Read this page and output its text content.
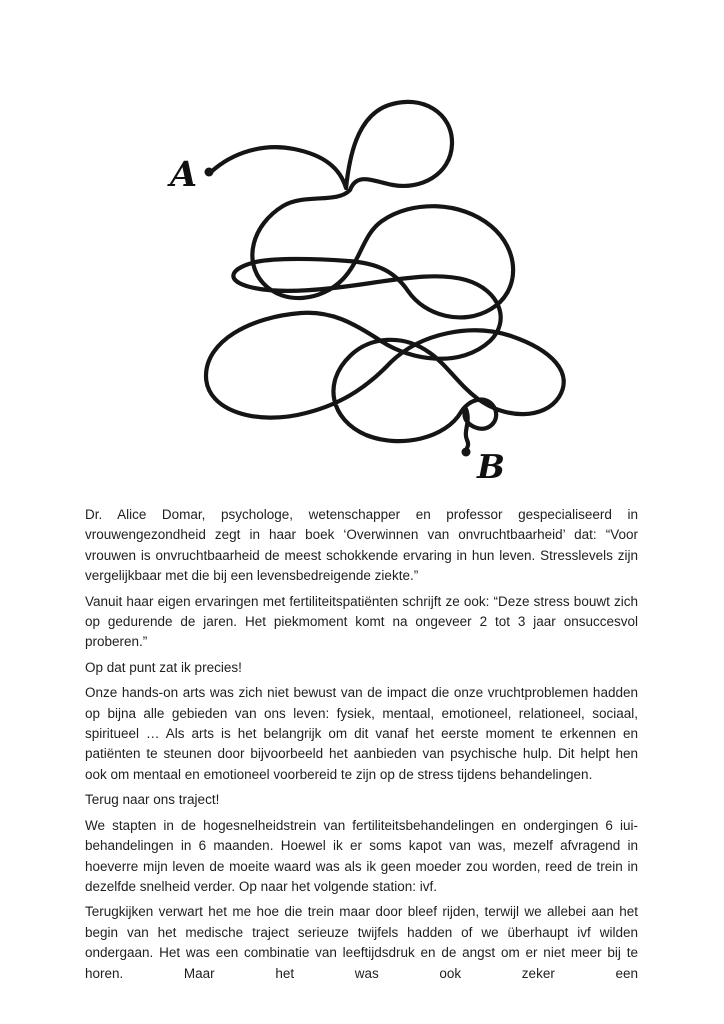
A
B

Dr. Alice Domar, psychologe, wetenschapper en professor gespecialiseerd in vrouwengezondheid zegt in haar boek ‘Overwinnen van onvruchtbaarheid’ dat: “Voor vrouwen is onvruchtbaarheid de meest schokkende ervaring in hun leven. Stresslevels zijn vergelijkbaar met die bij een levensbedreigende ziekte.”

Vanuit haar eigen ervaringen met fertiliteitspatiënten schrijft ze ook: “Deze stress bouwt zich op gedurende de jaren. Het piekmoment komt na ongeveer 2 tot 3 jaar onsuccesvol proberen.”

Op dat punt zat ik precies!

Onze hands-on arts was zich niet bewust van de impact die onze vruchtproblemen hadden op bijna alle gebieden van ons leven: fysiek, mentaal, emotioneel, relationeel, sociaal, spiritueel … Als arts is het belangrijk om dit vanaf het eerste moment te erkennen en patiënten te steunen door bijvoorbeeld het aanbieden van psychische hulp. Dit helpt hen ook om mentaal en emotioneel voorbereid te zijn op de stress tijdens behandelingen.

Terug naar ons traject!

We stapten in de hogesnelheidstrein van fertiliteitsbehandelingen en ondergingen 6 iui-behandelingen in 6 maanden. Hoewel ik er soms kapot van was, mezelf afvragend in hoeverre mijn leven de moeite waard was als ik geen moeder zou worden, reed de trein in dezelfde snelheid verder. Op naar het volgende station: ivf.

Terugkijken verwart het me hoe die trein maar door bleef rijden, terwijl we allebei aan het begin van het medische traject serieuze twijfels hadden of we überhaupt ivf wilden ondergaan. Het was een combinatie van leeftijdsdruk en de angst om er niet meer bij te horen. Maar het was ook zeker een
